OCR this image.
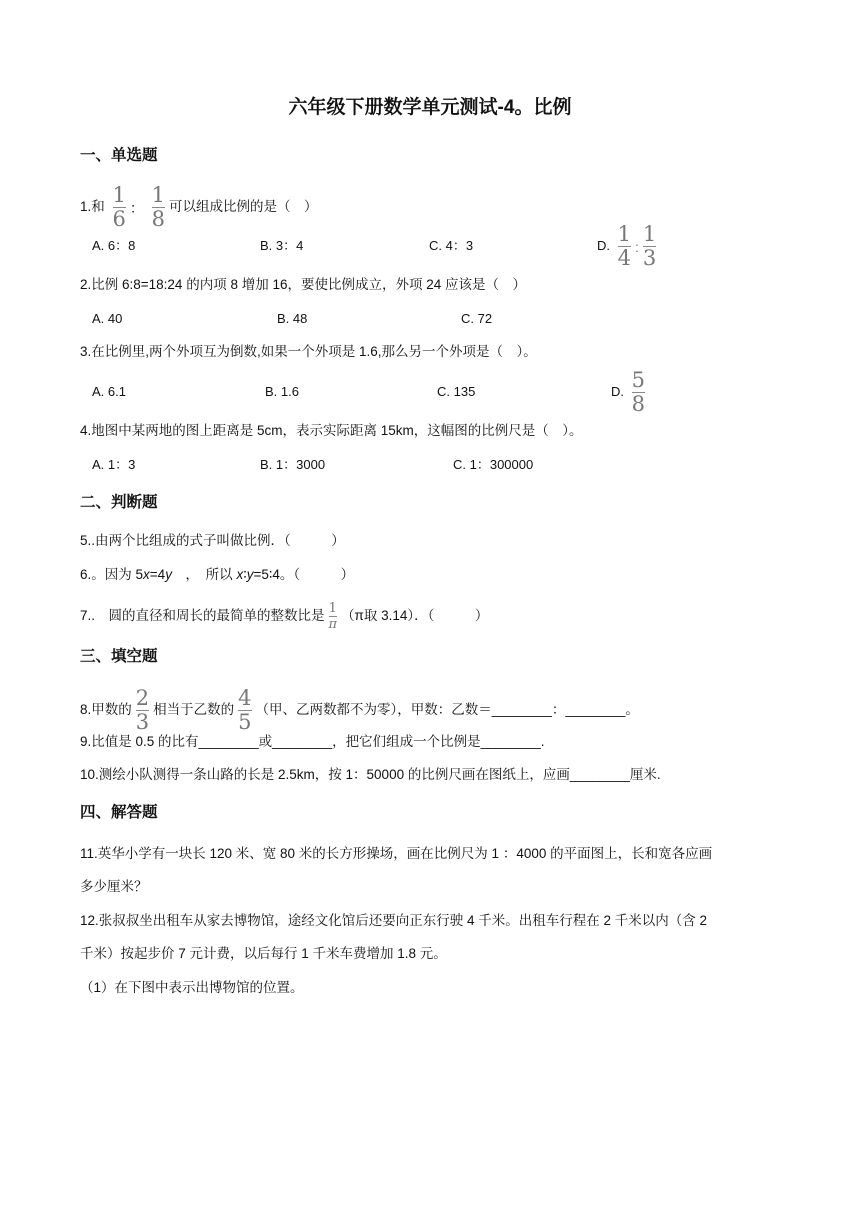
六年级下册数学单元测试-4。比例
一、单选题
1.和 $\frac{1}{6}$ ： $\frac{1}{8}$ 可以组成比例的是（　）
A. 6：8	B. 3：4	C. 4：3	D. $\frac{1}{4}$ : $\frac{1}{3}$
2.比例 6:8=18:24 的内项 8 增加 16，要使比例成立，外项 24 应该是（　）
A. 40	B. 48	C. 72
3.在比例里,两个外项互为倒数,如果一个外项是 1.6,那么另一个外项是（　）。
A. 6.1	B. 1.6	C. 135	D. $\frac{5}{8}$
4.地图中某两地的图上距离是 5cm，表示实际距离 15km，这幅图的比例尺是（　）。
A. 1：3	B. 1：3000	C. 1：300000
二、判断题
5..由两个比组成的式子叫做比例．（　　　）
6.。因为 5x=4y　，　所以 x∶y=5∶4。（　　　）
7..　圆的直径和周长的最简单的整数比是 $\frac{1}{\pi} (\pi$取 3.14）．（　　　）
三、填空题
8.甲数的 $\frac{2}{3}$ 相当于乙数的 $\frac{4}{5}$ （甲、乙两数都不为零），甲数：乙数＝________：________。
9.比值是 0.5 的比有________或________，把它们组成一个比例是________.
10.测绘小队测得一条山路的长是 2.5km，按 1：50000 的比例尺画在图纸上，应画________厘米.
四、解答题
11.英华小学有一块长 120 米、宽 80 米的长方形操场，画在比例尺为 1 ：4000 的平面图上，长和宽各应画
多少厘米？
12.张叔叔坐出租车从家去博物馆，途经文化馆后还要向正东行驶 4 千米。出租车行程在 2 千米以内（含 2
千米）按起步价 7 元计费，以后每行 1 千米车费增加 1.8 元。
（1）在下图中表示出博物馆的位置。
